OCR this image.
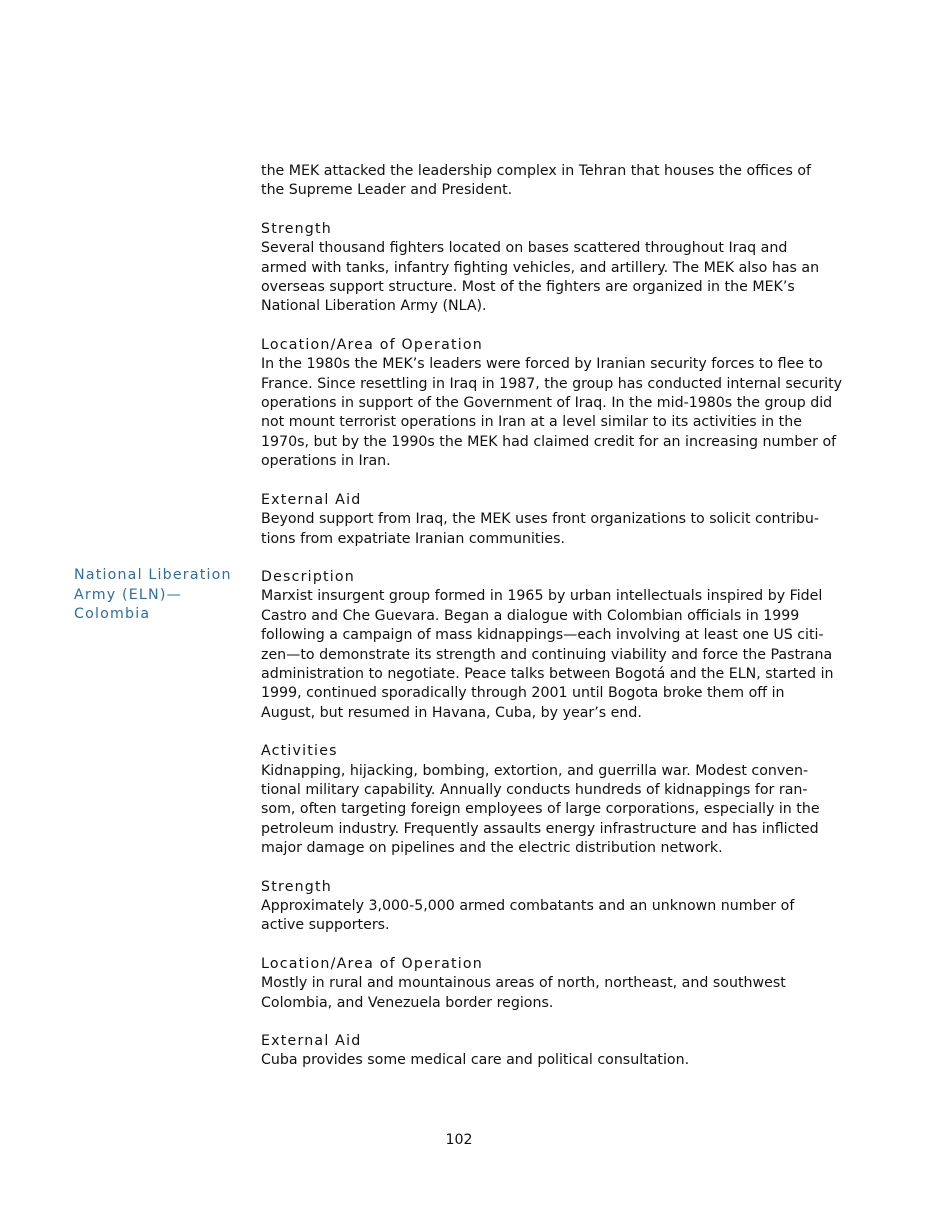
the MEK attacked the leadership complex in Tehran that houses the offices of
the Supreme Leader and President.

Strength
Several thousand fighters located on bases scattered throughout Iraq and
armed with tanks, infantry fighting vehicles, and artillery. The MEK also has an
overseas support structure. Most of the fighters are organized in the MEK’s
National Liberation Army (NLA).
Location/Area of Operation
In the 1980s the MEK’s leaders were forced by Iranian security forces to flee to
France. Since resettling in Iraq in 1987, the group has conducted internal security
operations in support of the Government of Iraq. In the mid-1980s the group did
not mount terrorist operations in Iran at a level similar to its activities in the
1970s, but by the 1990s the MEK had claimed credit for an increasing number of
operations in Iran.
External Aid
Beyond support from Iraq, the MEK uses front organizations to solicit contribu-
tions from expatriate Iranian communities.
Description
Marxist insurgent group formed in 1965 by urban intellectuals inspired by Fidel
Castro and Che Guevara. Began a dialogue with Colombian officials in 1999
following a campaign of mass kidnappings—each involving at least one US citi-
zen—to demonstrate its strength and continuing viability and force the Pastrana
administration to negotiate. Peace talks between Bogotá and the ELN, started in
1999, continued sporadically through 2001 until Bogota broke them off in
August, but resumed in Havana, Cuba, by year’s end.
Activities
Kidnapping, hijacking, bombing, extortion, and guerrilla war. Modest conven-
tional military capability. Annually conducts hundreds of kidnappings for ran-
som, often targeting foreign employees of large corporations, especially in the
petroleum industry. Frequently assaults energy infrastructure and has inflicted
major damage on pipelines and the electric distribution network.
Strength
Approximately 3,000-5,000 armed combatants and an unknown number of
active supporters.
Location/Area of Operation
Mostly in rural and mountainous areas of north, northeast, and southwest
Colombia, and Venezuela border regions.
External Aid
Cuba provides some medical care and political consultation.
National Liberation
Army (ELN)—
Colombia
102
